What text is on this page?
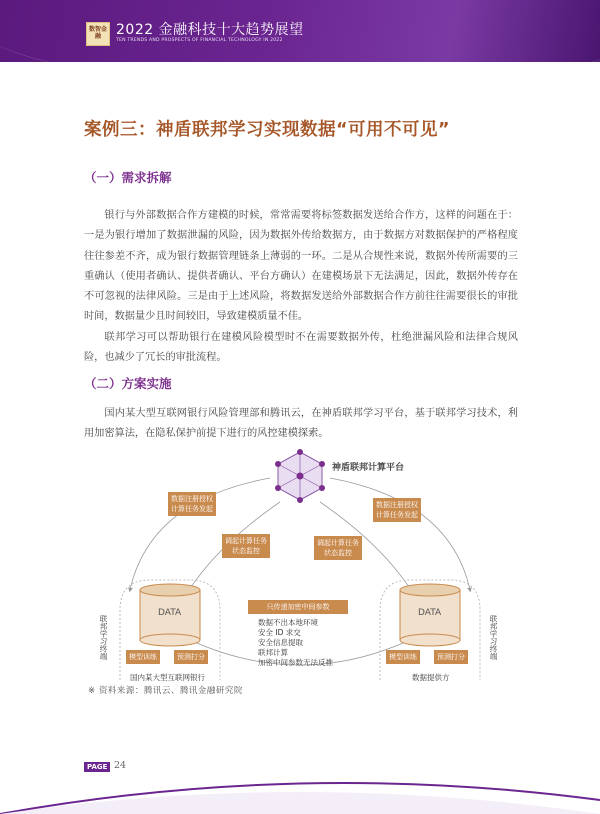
数智金融	2022 金融科技十大趋势展望
TEN TRENDS AND PROSPECTS OF FINANCIAL TECHNOLOGY IN 2022
案例三：神盾联邦学习实现数据“可用不可见”
（一）需求拆解

银行与外部数据合作方建模的时候，常常需要将标签数据发送给合作方，这样的问题在于：一是为银行增加了数据泄漏的风险，因为数据外传给数据方，由于数据方对数据保护的严格程度往往参差不齐，成为银行数据管理链条上薄弱的一环。二是从合规性来说，数据外传所需要的三重确认（使用者确认、提供者确认、平台方确认）在建模场景下无法满足，因此，数据外传存在不可忽视的法律风险。三是由于上述风险，将数据发送给外部数据合作方前往往需要很长的审批时间，数据量少且时间较旧，导致建模质量不佳。

联邦学习可以帮助银行在建模风险模型时不在需要数据外传，杜绝泄漏风险和法律合规风险，也减少了冗长的审批流程。

（二）方案实施

国内某大型互联网银行风险管理部和腾讯云，在神盾联邦学习平台，基于联邦学习技术，利用加密算法，在隐私保护前提下进行的风控建模探索。

神盾联邦计算平台
数据注册授权
计算任务发起	数据注册授权
计算任务发起
调起计算任务
状态监控
调起计算任务
状态监控
只传递加密中间参数
数据不出本地环境
安全 ID 求交
安全信息提取
联邦计算
加密中间参数无法反推
DATA	DATA
模型训练	预测打分	模型训练	预测打分
联邦学习终端	联邦学习终端
国内某大型互联网银行	数据提供方
※ 资料来源：腾讯云、腾讯金融研究院
PAGE 24
